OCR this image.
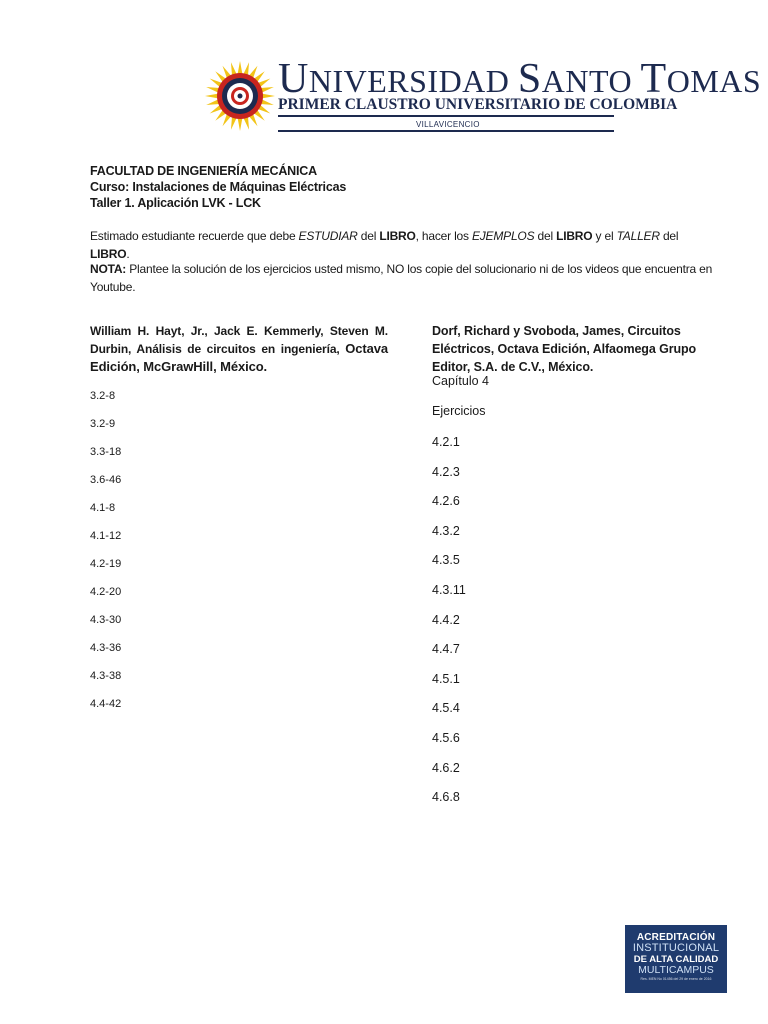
UNIVERSIDAD SANTO TOMAS
PRIMER CLAUSTRO UNIVERSITARIO DE COLOMBIA
VILLAVICENCIO
FACULTAD DE INGENIERÍA MECÁNICA
Curso: Instalaciones de Máquinas Eléctricas
Taller 1. Aplicación LVK - LCK
Estimado estudiante recuerde que debe ESTUDIAR del LIBRO, hacer los EJEMPLOS del LIBRO y el TALLER del LIBRO.
NOTA: Plantee la solución de los ejercicios usted mismo, NO los copie del solucionario ni de los videos que encuentra en Youtube.
William H. Hayt, Jr., Jack E. Kemmerly, Steven M. Durbin, Análisis de circuitos en ingeniería, Octava Edición, McGrawHill, México.
3.2-8
3.2-9
3.3-18
3.6-46
4.1-8
4.1-12
4.2-19
4.2-20
4.3-30
4.3-36
4.3-38
4.4-42
Dorf, Richard y Svoboda, James, Circuitos Eléctricos, Octava Edición, Alfaomega Grupo Editor, S.A. de C.V., México.
Capítulo 4
Ejercicios
4.2.1
4.2.3
4.2.6
4.3.2
4.3.5
4.3.11
4.4.2
4.4.7
4.5.1
4.5.4
4.5.6
4.6.2
4.6.8
ACREDITACIÓN
INSTITUCIONAL
DE ALTA CALIDAD
MULTICAMPUS
Res. MEN No 01456 del 29 de enero de 2016
